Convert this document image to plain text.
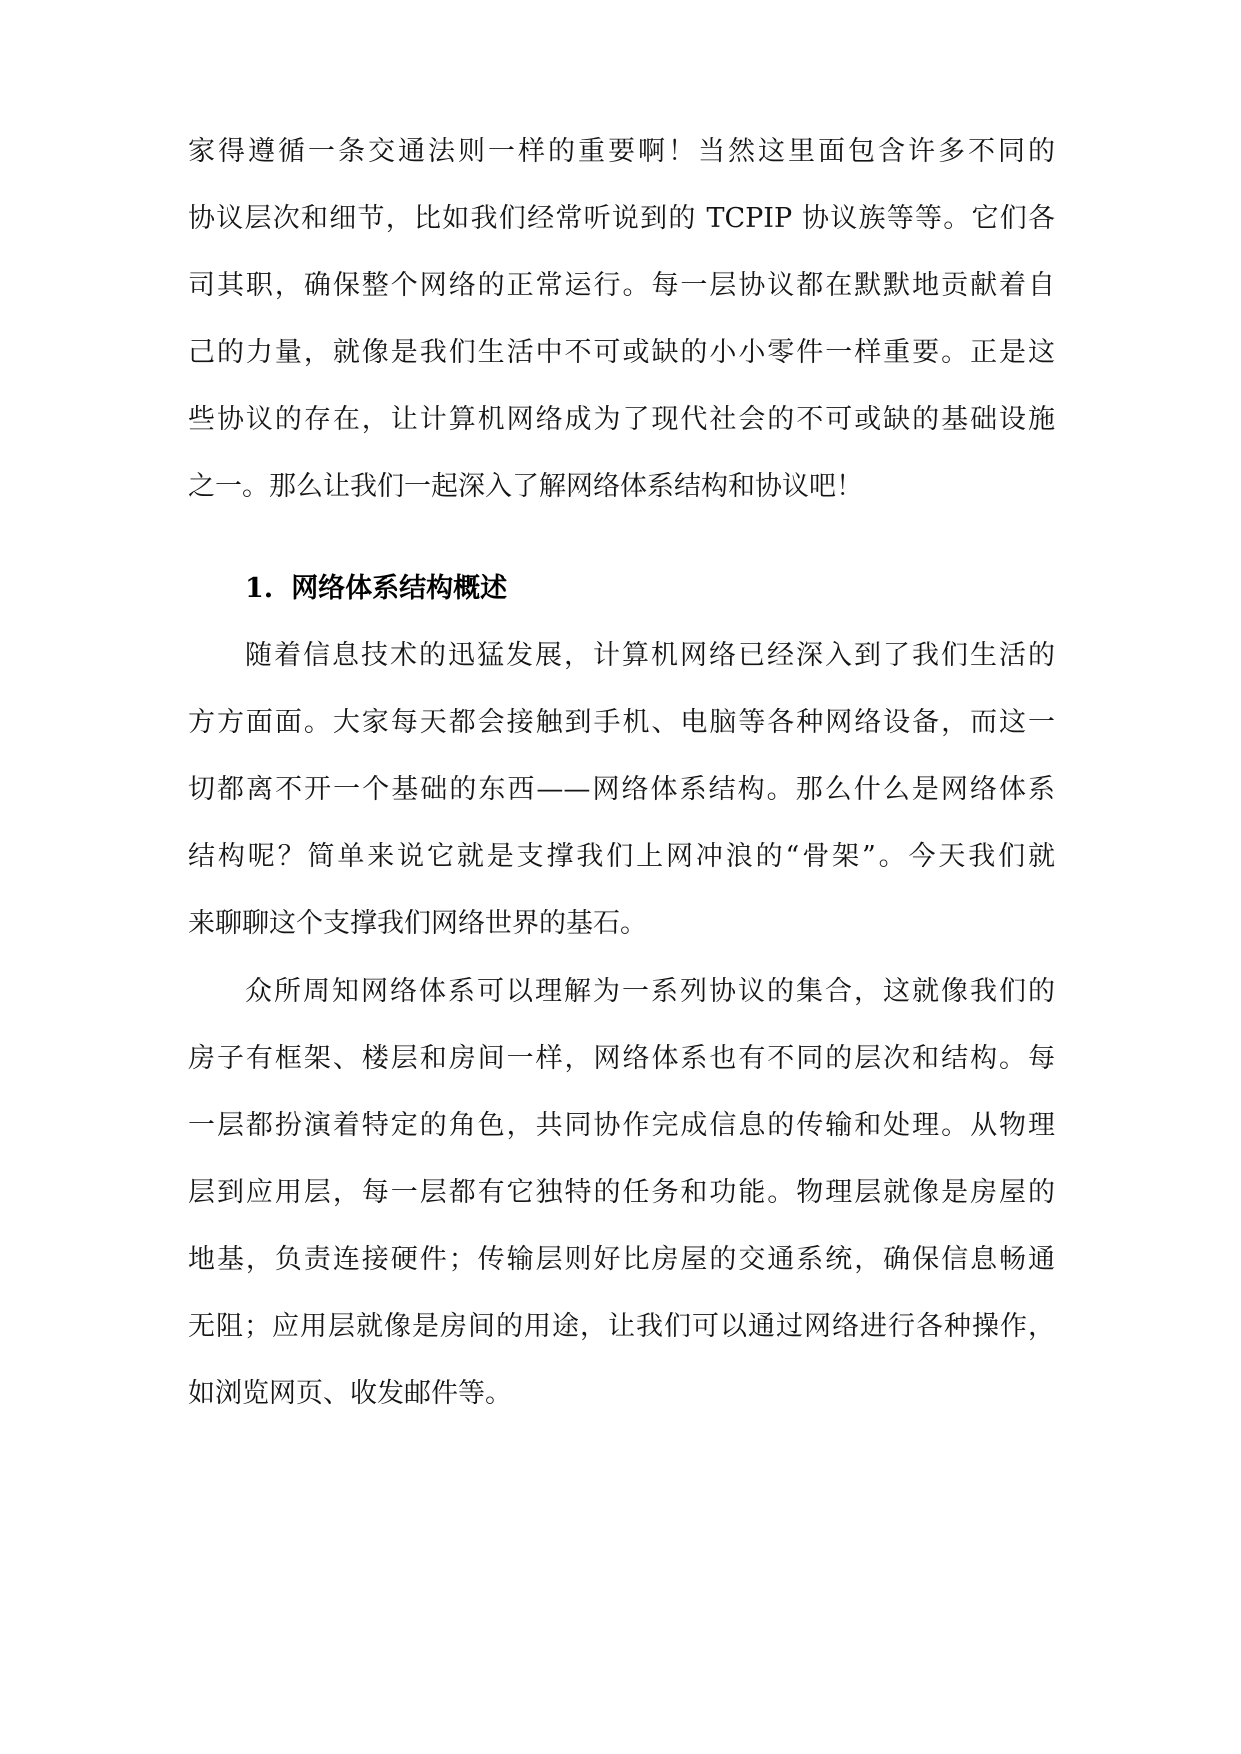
家得遵循一条交通法则一样的重要啊！当然这里面包含许多不同的
协议层次和细节，比如我们经常听说到的 TCPIP 协议族等等。它们各
司其职，确保整个网络的正常运行。每一层协议都在默默地贡献着自
己的力量，就像是我们生活中不可或缺的小小零件一样重要。正是这
些协议的存在，让计算机网络成为了现代社会的不可或缺的基础设施
之一。那么让我们一起深入了解网络体系结构和协议吧！
1. 网络体系结构概述
随着信息技术的迅猛发展，计算机网络已经深入到了我们生活的
方方面面。大家每天都会接触到手机、电脑等各种网络设备，而这一
切都离不开一个基础的东西——网络体系结构。那么什么是网络体系
结构呢？简单来说它就是支撑我们上网冲浪的“骨架”。今天我们就
来聊聊这个支撑我们网络世界的基石。
众所周知网络体系可以理解为一系列协议的集合，这就像我们的
房子有框架、楼层和房间一样，网络体系也有不同的层次和结构。每
一层都扮演着特定的角色，共同协作完成信息的传输和处理。从物理
层到应用层，每一层都有它独特的任务和功能。物理层就像是房屋的
地基，负责连接硬件；传输层则好比房屋的交通系统，确保信息畅通
无阻；应用层就像是房间的用途，让我们可以通过网络进行各种操作，
如浏览网页、收发邮件等。
